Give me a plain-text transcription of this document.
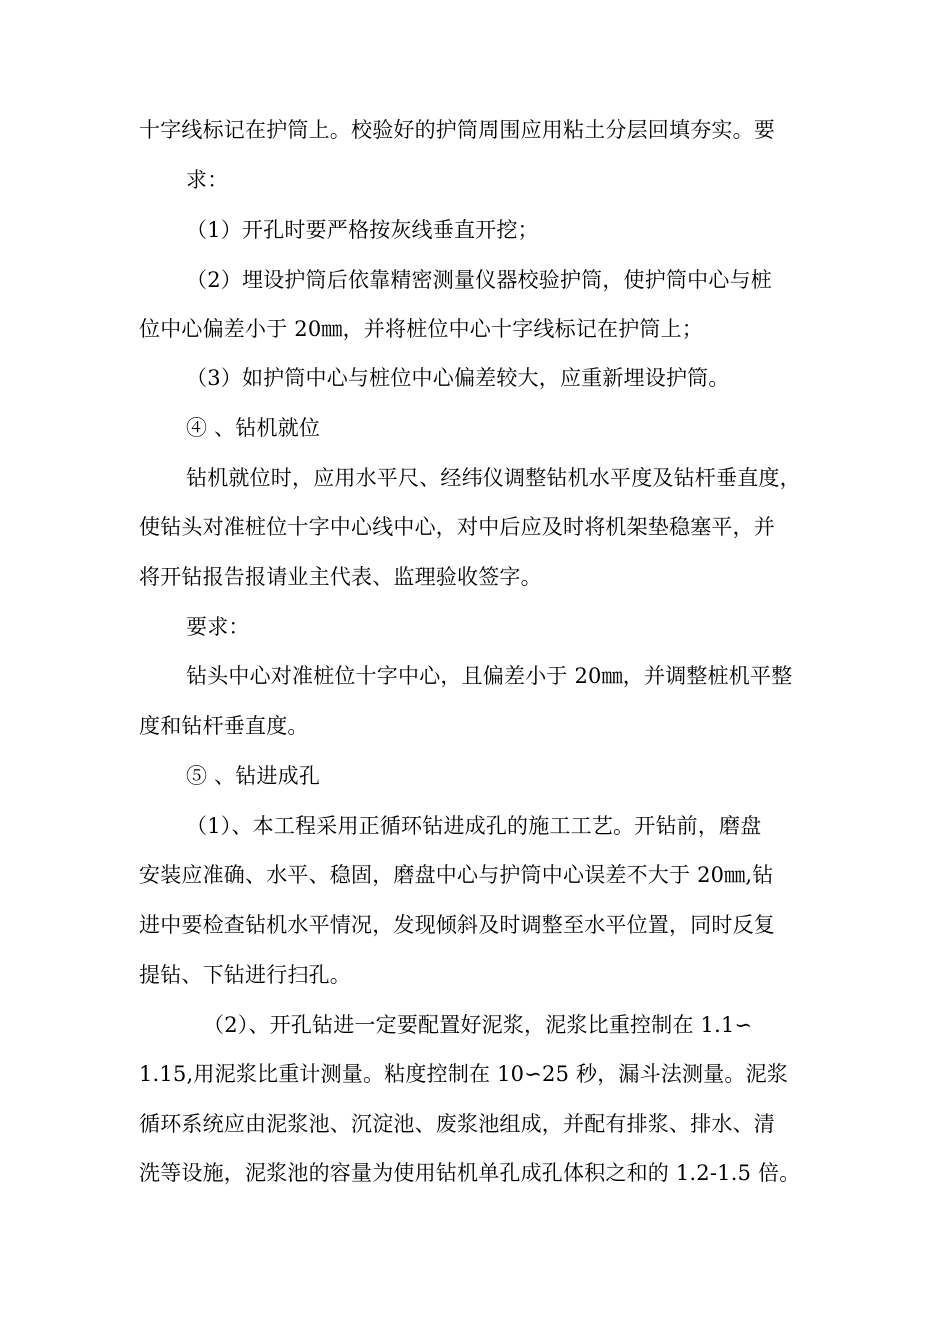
十字线标记在护筒上。校验好的护筒周围应用粘土分层回填夯实。要
求：
（1）开孔时要严格按灰线垂直开挖；
（2）埋设护筒后依靠精密测量仪器校验护筒，使护筒中心与桩
位中心偏差小于 20㎜，并将桩位中心十字线标记在护筒上；
（3）如护筒中心与桩位中心偏差较大，应重新埋设护筒。
④ 、钻机就位
钻机就位时，应用水平尺、经纬仪调整钻机水平度及钻杆垂直度，
使钻头对准桩位十字中心线中心，对中后应及时将机架垫稳塞平，并
将开钻报告报请业主代表、监理验收签字。
要求：
钻头中心对准桩位十字中心，且偏差小于 20㎜，并调整桩机平整
度和钻杆垂直度。
⑤ 、钻进成孔
（1）、本工程采用正循环钻进成孔的施工工艺。开钻前，磨盘
安装应准确、水平、稳固，磨盘中心与护筒中心误差不大于 20㎜,钻
进中要检查钻机水平情况，发现倾斜及时调整至水平位置，同时反复
提钻、下钻进行扫孔。
（2）、开孔钻进一定要配置好泥浆，泥浆比重控制在 1.1∽
1.15,用泥浆比重计测量。粘度控制在 10∽25 秒，漏斗法测量。泥浆
循环系统应由泥浆池、沉淀池、废浆池组成，并配有排浆、排水、清
洗等设施，泥浆池的容量为使用钻机单孔成孔体积之和的 1.2-1.5 倍。
